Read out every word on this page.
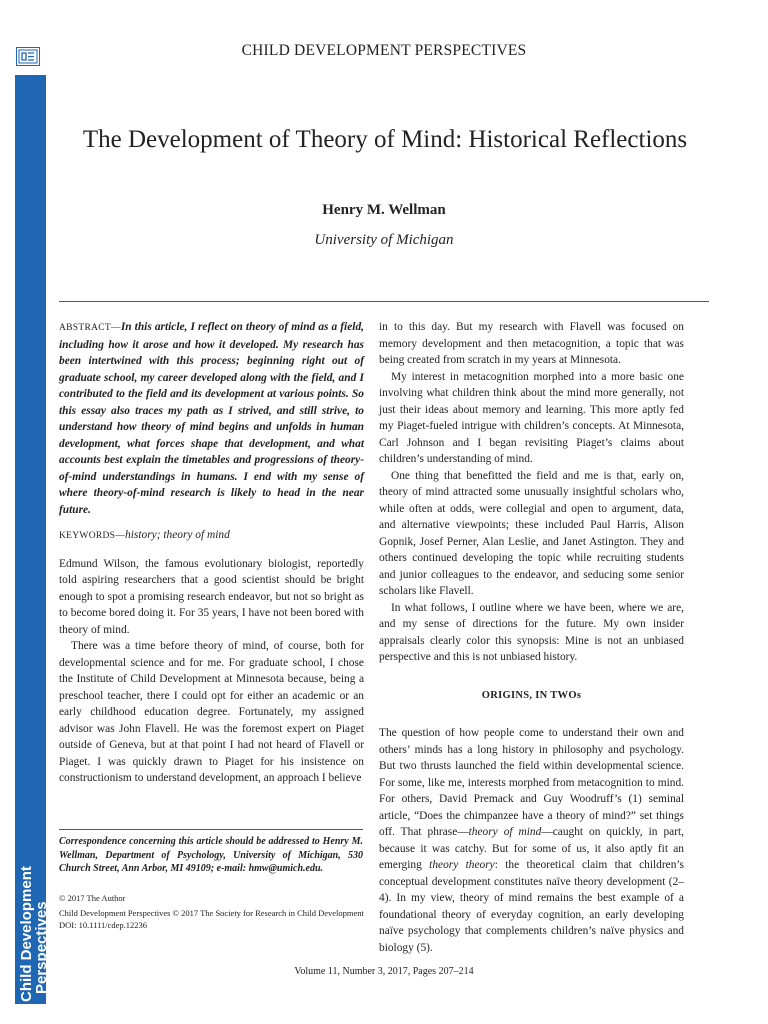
Child Development
Perspectives
CHILD DEVELOPMENT PERSPECTIVES
The Development of Theory of Mind: Historical Reflections
Henry M. Wellman
University of Michigan

ABSTRACT—In this article, I reflect on theory of mind as a field, including how it arose and how it developed. My research has been intertwined with this process; beginning right out of graduate school, my career developed along with the field, and I contributed to the field and its development at various points. So this essay also traces my path as I strived, and still strive, to understand how theory of mind begins and unfolds in human development, what forces shape that development, and what accounts best explain the timetables and progressions of theory-of-mind understandings in humans. I end with my sense of where theory-of-mind research is likely to head in the near future.

KEYWORDS—history; theory of mind

Edmund Wilson, the famous evolutionary biologist, reportedly told aspiring researchers that a good scientist should be bright enough to spot a promising research endeavor, but not so bright as to become bored doing it. For 35 years, I have not been bored with theory of mind.

There was a time before theory of mind, of course, both for developmental science and for me. For graduate school, I chose the Institute of Child Development at Minnesota because, being a preschool teacher, there I could opt for either an academic or an early childhood education degree. Fortunately, my assigned advisor was John Flavell. He was the foremost expert on Piaget outside of Geneva, but at that point I had not heard of Flavell or Piaget. I was quickly drawn to Piaget for his insistence on constructionism to understand development, an approach I believe

Correspondence concerning this article should be addressed to Henry M. Wellman, Department of Psychology, University of Michigan, 530 Church Street, Ann Arbor, MI 49109; e-mail: hmw@umich.edu.
© 2017 The Author
Child Development Perspectives © 2017 The Society for Research in Child Development
DOI: 10.1111/cdep.12236

in to this day. But my research with Flavell was focused on memory development and then metacognition, a topic that was being created from scratch in my years at Minnesota.

My interest in metacognition morphed into a more basic one involving what children think about the mind more generally, not just their ideas about memory and learning. This more aptly fed my Piaget-fueled intrigue with children’s concepts. At Minnesota, Carl Johnson and I began revisiting Piaget’s claims about children’s understanding of mind.

One thing that benefitted the field and me is that, early on, theory of mind attracted some unusually insightful scholars who, while often at odds, were collegial and open to argument, data, and alternative viewpoints; these included Paul Harris, Alison Gopnik, Josef Perner, Alan Leslie, and Janet Astington. They and others continued developing the topic while recruiting students and junior colleagues to the endeavor, and seducing some senior scholars like Flavell.

In what follows, I outline where we have been, where we are, and my sense of directions for the future. My own insider appraisals clearly color this synopsis: Mine is not an unbiased perspective and this is not unbiased history.

ORIGINS, IN TWOs

The question of how people come to understand their own and others’ minds has a long history in philosophy and psychology. But two thrusts launched the field within developmental science. For some, like me, interests morphed from metacognition to mind. For others, David Premack and Guy Woodruff’s (1) seminal article, “Does the chimpanzee have a theory of mind?” set things off. That phrase—theory of mind—caught on quickly, in part, because it was catchy. But for some of us, it also aptly fit an emerging theory theory: the theoretical claim that children’s conceptual development constitutes naïve theory development (2–4). In my view, theory of mind remains the best example of a foundational theory of everyday cognition, an early developing naïve psychology that complements children’s naïve physics and biology (5).

Volume 11, Number 3, 2017, Pages 207–214
